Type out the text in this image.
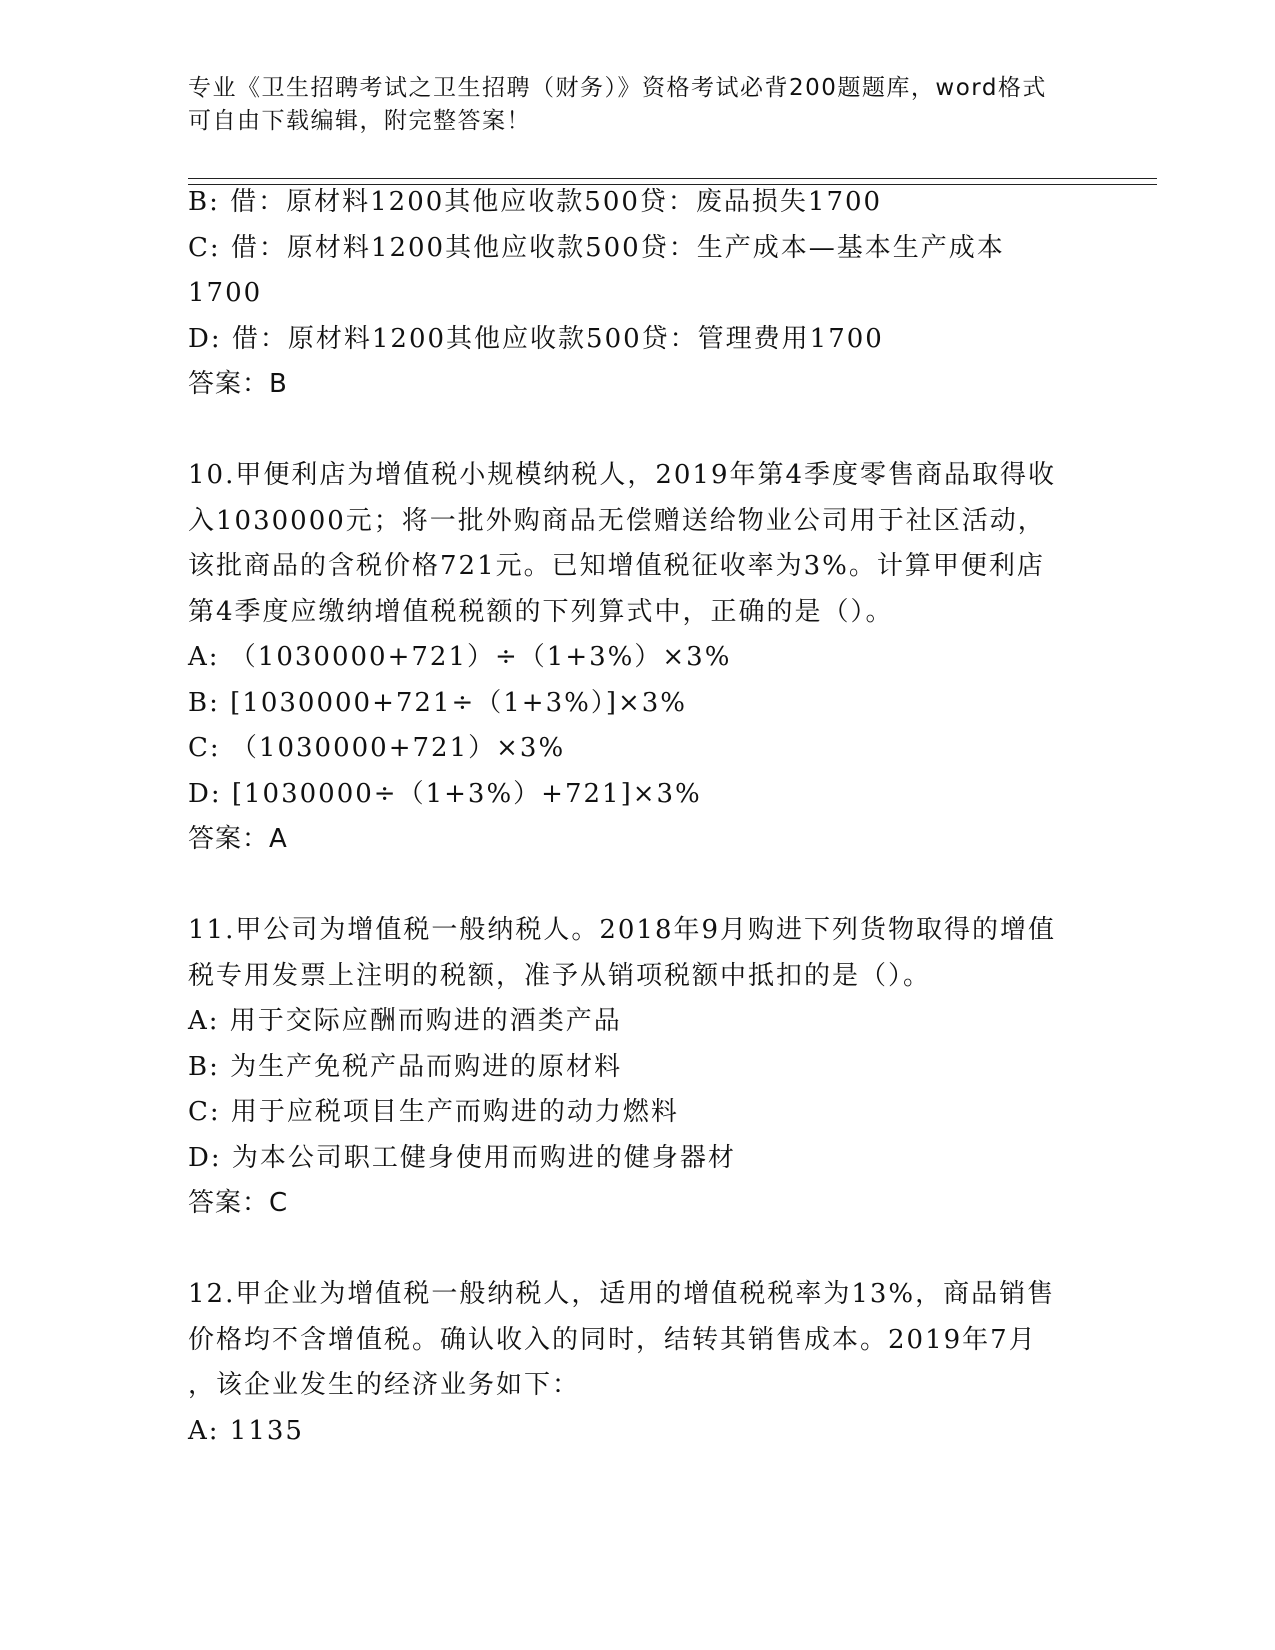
专业《卫生招聘考试之卫生招聘（财务）》资格考试必背200题题库，word格式
可自由下载编辑，附完整答案！
B: 借：原材料1200其他应收款500贷：废品损失1700
C: 借：原材料1200其他应收款500贷：生产成本—基本生产成本
1700
D: 借：原材料1200其他应收款500贷：管理费用1700
答案：B
10.甲便利店为增值税小规模纳税人，2019年第4季度零售商品取得收
入1030000元；将一批外购商品无偿赠送给物业公司用于社区活动，
该批商品的含税价格721元。已知增值税征收率为3%。计算甲便利店
第4季度应缴纳增值税税额的下列算式中，正确的是（）。
A: （1030000+721）÷（1+3%）×3%
B: [1030000+721÷（1+3%）]×3%
C: （1030000+721）×3%
D: [1030000÷（1+3%）+721]×3%
答案：A
11.甲公司为增值税一般纳税人。2018年9月购进下列货物取得的增值
税专用发票上注明的税额，准予从销项税额中抵扣的是（）。
A: 用于交际应酬而购进的酒类产品
B: 为生产免税产品而购进的原材料
C: 用于应税项目生产而购进的动力燃料
D: 为本公司职工健身使用而购进的健身器材
答案：C
12.甲企业为增值税一般纳税人，适用的增值税税率为13%，商品销售
价格均不含增值税。确认收入的同时，结转其销售成本。2019年7月
，该企业发生的经济业务如下：
A: 1135
